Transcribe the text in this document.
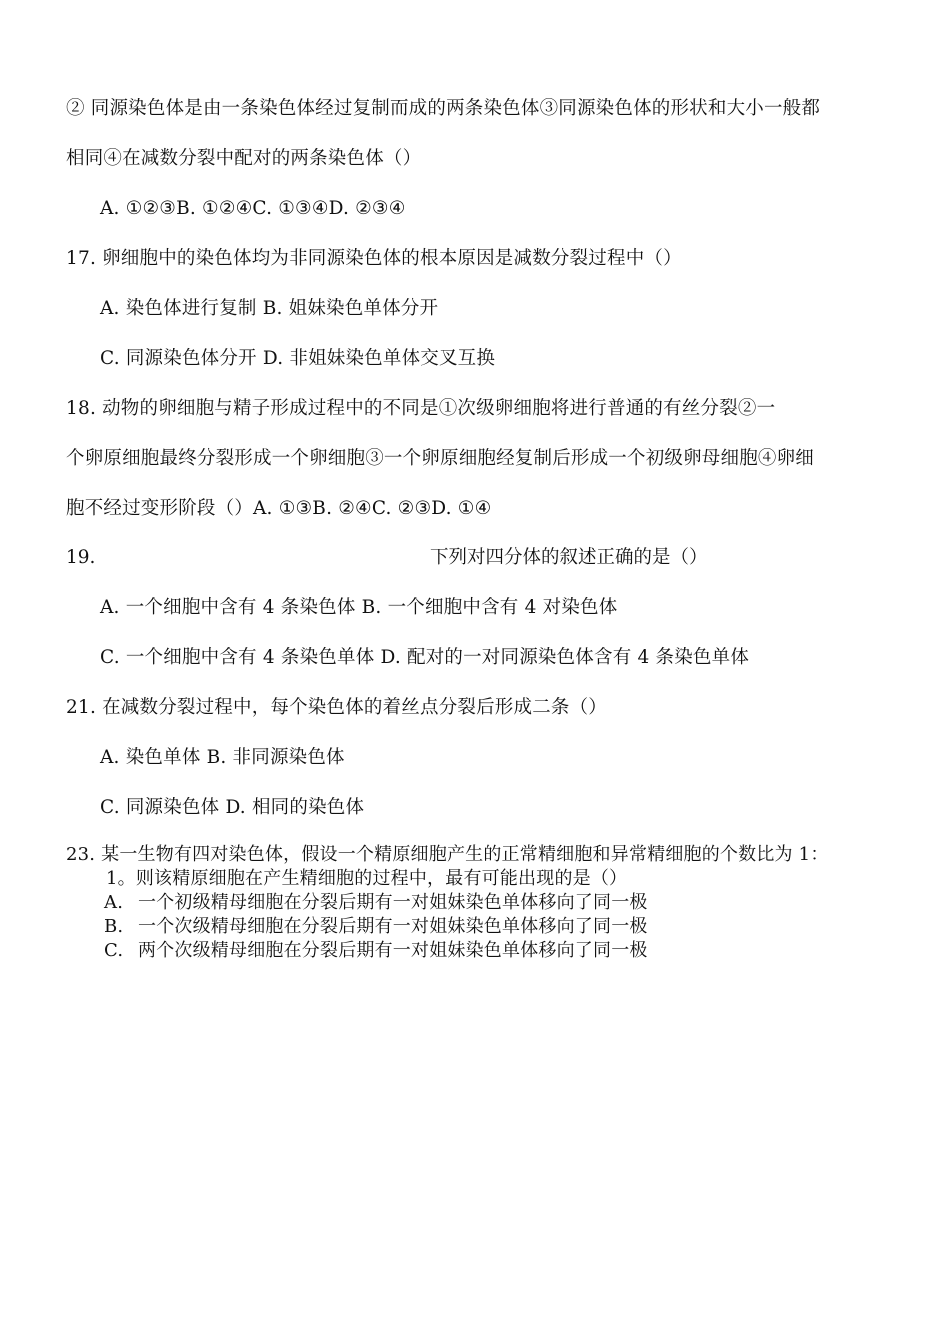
② 同源染色体是由一条染色体经过复制而成的两条染色体③同源染色体的形状和大小一般都
相同④在减数分裂中配对的两条染色体（）
A. ①②③B. ①②④C. ①③④D. ②③④
17. 卵细胞中的染色体均为非同源染色体的根本原因是减数分裂过程中（）
A. 染色体进行复制 B. 姐妹染色单体分开
C. 同源染色体分开 D. 非姐妹染色单体交叉互换
18. 动物的卵细胞与精子形成过程中的不同是①次级卵细胞将进行普通的有丝分裂②一
个卵原细胞最终分裂形成一个卵细胞③一个卵原细胞经复制后形成一个初级卵母细胞④卵细
胞不经过变形阶段（）A. ①③B. ②④C. ②③D. ①④
19.	下列对四分体的叙述正确的是（）
A. 一个细胞中含有 4 条染色体 B. 一个细胞中含有 4 对染色体
C. 一个细胞中含有 4 条染色单体 D. 配对的一对同源染色体含有 4 条染色单体
21. 在减数分裂过程中，每个染色体的着丝点分裂后形成二条（）
A. 染色单体 B. 非同源染色体
C. 同源染色体 D. 相同的染色体
23. 某一生物有四对染色体，假设一个精原细胞产生的正常精细胞和异常精细胞的个数比为 1：
1。则该精原细胞在产生精细胞的过程中，最有可能出现的是（）
A. 一个初级精母细胞在分裂后期有一对姐妹染色单体移向了同一极
B. 一个次级精母细胞在分裂后期有一对姐妹染色单体移向了同一极
C. 两个次级精母细胞在分裂后期有一对姐妹染色单体移向了同一极
